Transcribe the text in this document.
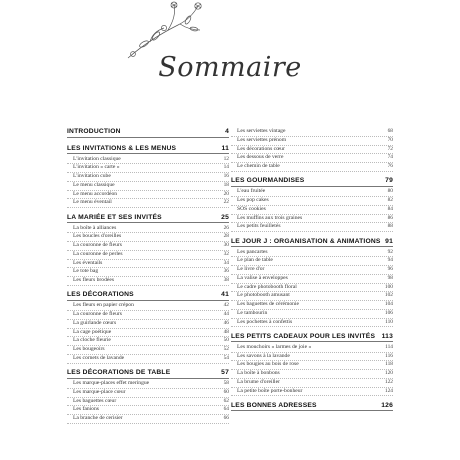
Sommaire
INTRODUCTION	4
LES INVITATIONS & LES MENUS	11
L'invitation classique	12
L'invitation « carte »	14
L'invitation cube	16
Le menu classique	18
Le menu accordéon	20
Le menu éventail	22
LA MARIÉE ET SES INVITÉS	25
La boîte à alliances	26
Les boucles d'oreilles	28
La couronne de fleurs	30
La couronne de perles	32
Les éventails	34
Le tote bag	36
Les fleurs brodées	38
LES DÉCORATIONS	41
Les fleurs en papier crépon	42
La couronne de fleurs	44
La guirlande cœurs	46
La cage poétique	48
La cloche fleurie	50
Les bougeoirs	52
Les cornets de lavande	54
LES DÉCORATIONS DE TABLE	57
Les marque-places effet meringue	58
Les marque-place cœur	60
Les baguettes cœur	62
Les fanions	64
La branche de cerisier	66
Les serviettes vintage	68
Les serviettes prénom	70
Les décorations cœur	72
Les dessous de verre	74
Le chemin de table	76
LES GOURMANDISES	79
L'eau fruitée	80
Les pop cakes	82
SOS cookies	84
Les muffins aux trois graines	86
Les petits feuilletés	88
LE JOUR J : ORGANISATION & ANIMATIONS 91
Les pancartes	92
Le plan de table	94
Le livre d'or	96
La valise à enveloppes	98
Le cadre photobooth floral	100
Le photobooth amusant	102
Les baguettes de cérémonie	104
Le tambourin	106
Les pochettes à confettis	110
LES PETITS CADEAUX POUR LES INVITÉS 113
Les mouchoirs « larmes de joie »	114
Les savons à la lavande	116
Les bougies au bois de rose	118
La boîte à bonbons	120
La brume d'oreiller	122
La petite boîte porte-bonheur	124
LES BONNES ADRESSES	126
